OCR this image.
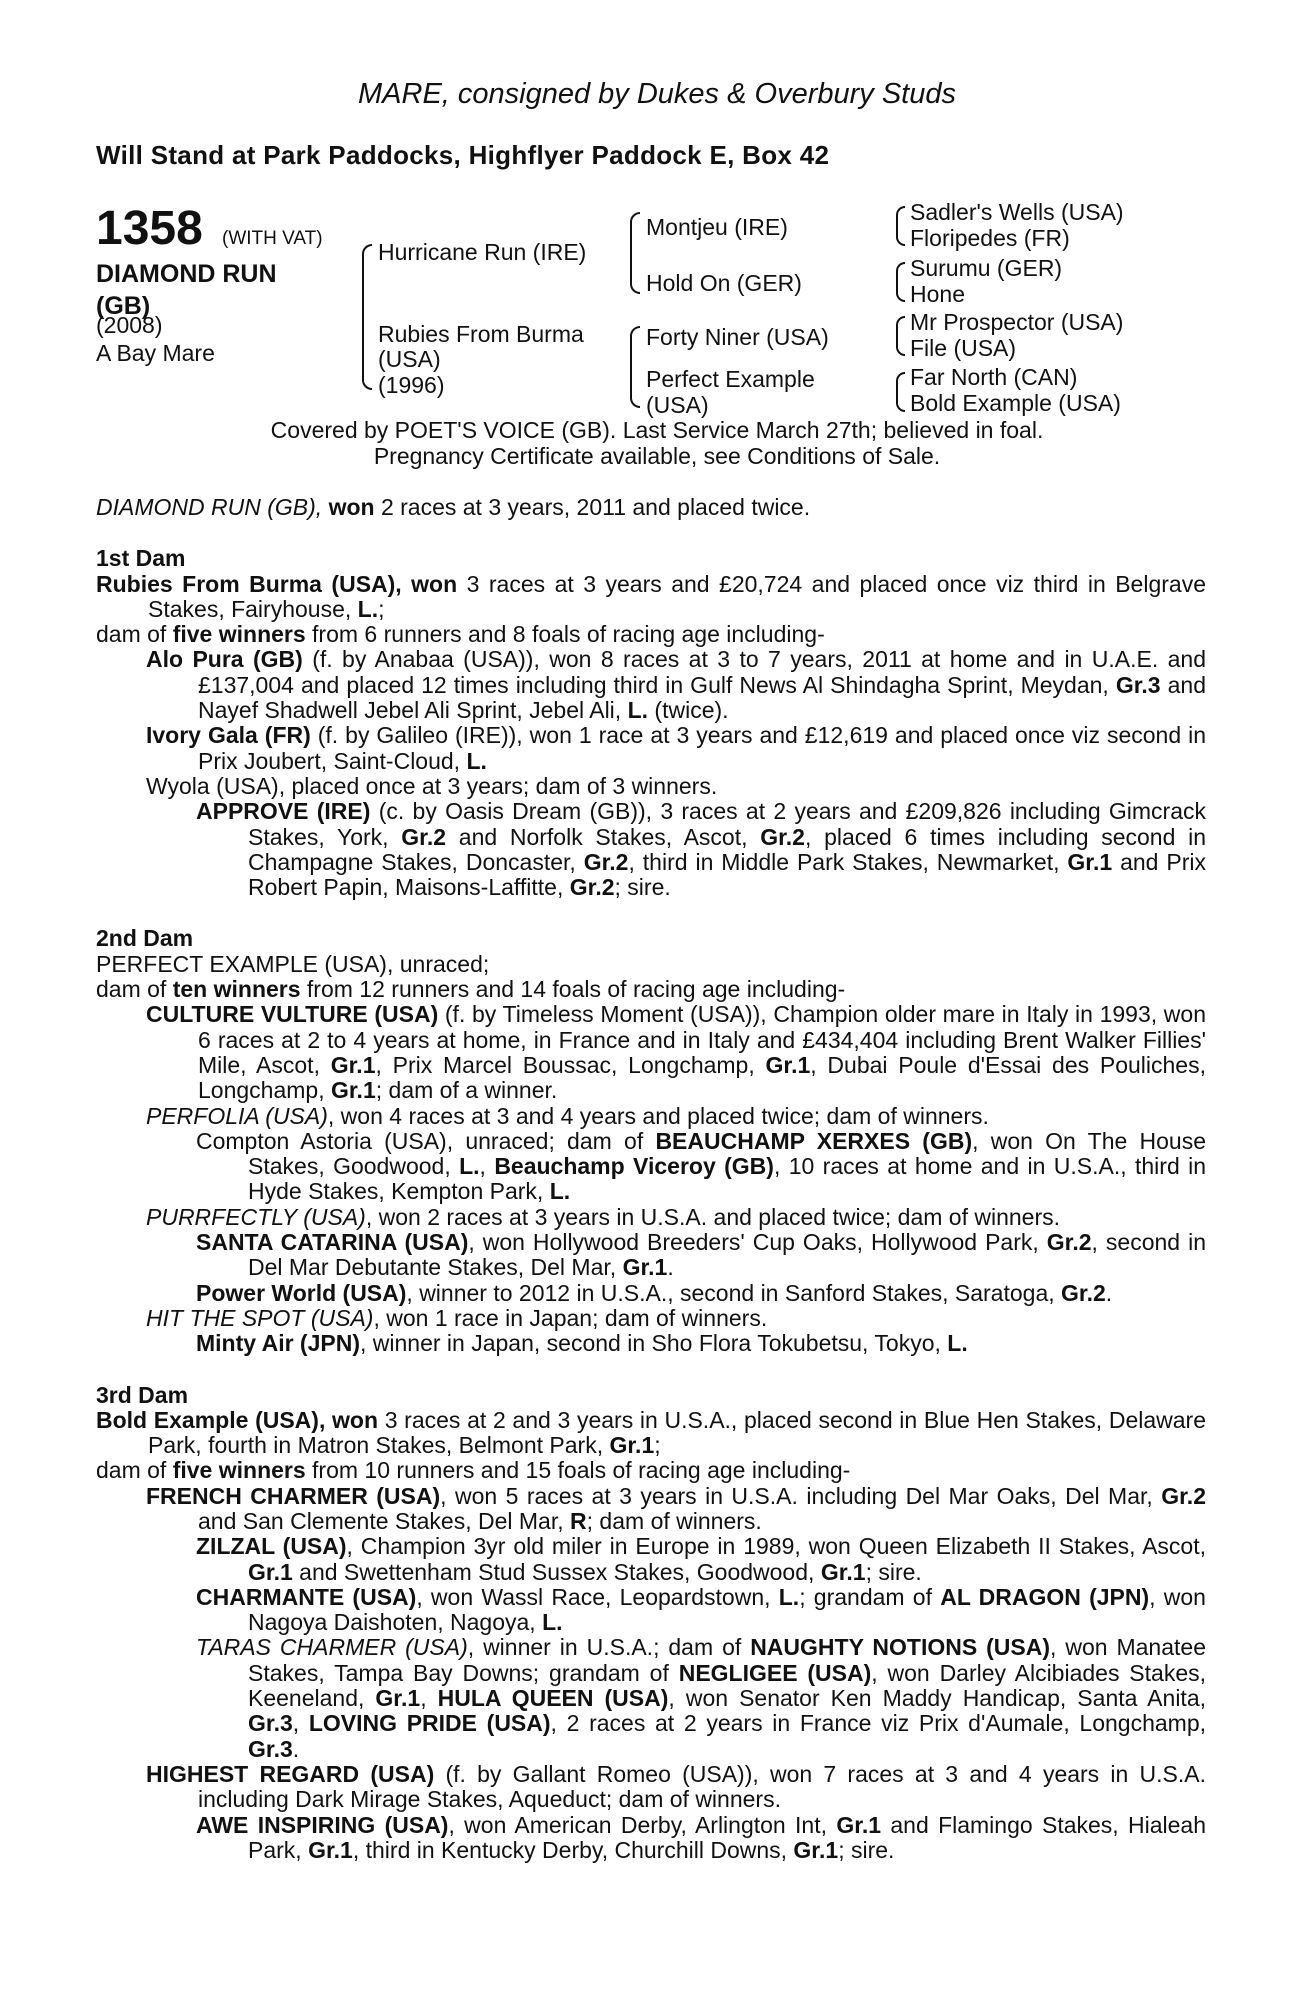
MARE, consigned by Dukes & Overbury Studs
Will Stand at Park Paddocks, Highflyer Paddock E, Box 42
1358 (WITH VAT)
DIAMOND RUN
(GB)
(2008)
A Bay Mare
Hurricane Run (IRE)
Rubies From Burma
(USA)
(1996)
Montjeu (IRE)
Hold On (GER)
Forty Niner (USA)
Perfect Example
(USA)
Sadler's Wells (USA)
Floripedes (FR)
Surumu (GER)
Hone
Mr Prospector (USA)
File (USA)
Far North (CAN)
Bold Example (USA)
Covered by POET'S VOICE (GB). Last Service March 27th; believed in foal.
Pregnancy Certificate available, see Conditions of Sale.

DIAMOND RUN (GB), won 2 races at 3 years, 2011 and placed twice.

1st Dam

Rubies From Burma (USA), won 3 races at 3 years and £20,724 and placed once viz third in Belgrave Stakes, Fairyhouse, L.;

dam of five winners from 6 runners and 8 foals of racing age including-

Alo Pura (GB) (f. by Anabaa (USA)), won 8 races at 3 to 7 years, 2011 at home and in U.A.E. and £137,004 and placed 12 times including third in Gulf News Al Shindagha Sprint, Meydan, Gr.3 and Nayef Shadwell Jebel Ali Sprint, Jebel Ali, L. (twice).

Ivory Gala (FR) (f. by Galileo (IRE)), won 1 race at 3 years and £12,619 and placed once viz second in Prix Joubert, Saint-Cloud, L.

Wyola (USA), placed once at 3 years; dam of 3 winners.

APPROVE (IRE) (c. by Oasis Dream (GB)), 3 races at 2 years and £209,826 including Gimcrack Stakes, York, Gr.2 and Norfolk Stakes, Ascot, Gr.2, placed 6 times including second in Champagne Stakes, Doncaster, Gr.2, third in Middle Park Stakes, Newmarket, Gr.1 and Prix Robert Papin, Maisons-Laffitte, Gr.2; sire.

2nd Dam

PERFECT EXAMPLE (USA), unraced;

dam of ten winners from 12 runners and 14 foals of racing age including-

CULTURE VULTURE (USA) (f. by Timeless Moment (USA)), Champion older mare in Italy in 1993, won 6 races at 2 to 4 years at home, in France and in Italy and £434,404 including Brent Walker Fillies' Mile, Ascot, Gr.1, Prix Marcel Boussac, Longchamp, Gr.1, Dubai Poule d'Essai des Pouliches, Longchamp, Gr.1; dam of a winner.

PERFOLIA (USA), won 4 races at 3 and 4 years and placed twice; dam of winners.

Compton Astoria (USA), unraced; dam of BEAUCHAMP XERXES (GB), won On The House Stakes, Goodwood, L., Beauchamp Viceroy (GB), 10 races at home and in U.S.A., third in Hyde Stakes, Kempton Park, L.

PURRFECTLY (USA), won 2 races at 3 years in U.S.A. and placed twice; dam of winners.

SANTA CATARINA (USA), won Hollywood Breeders' Cup Oaks, Hollywood Park, Gr.2, second in Del Mar Debutante Stakes, Del Mar, Gr.1.

Power World (USA), winner to 2012 in U.S.A., second in Sanford Stakes, Saratoga, Gr.2.

HIT THE SPOT (USA), won 1 race in Japan; dam of winners.

Minty Air (JPN), winner in Japan, second in Sho Flora Tokubetsu, Tokyo, L.

3rd Dam

Bold Example (USA), won 3 races at 2 and 3 years in U.S.A., placed second in Blue Hen Stakes, Delaware Park, fourth in Matron Stakes, Belmont Park, Gr.1;

dam of five winners from 10 runners and 15 foals of racing age including-

FRENCH CHARMER (USA), won 5 races at 3 years in U.S.A. including Del Mar Oaks, Del Mar, Gr.2 and San Clemente Stakes, Del Mar, R; dam of winners.

ZILZAL (USA), Champion 3yr old miler in Europe in 1989, won Queen Elizabeth II Stakes, Ascot, Gr.1 and Swettenham Stud Sussex Stakes, Goodwood, Gr.1; sire.

CHARMANTE (USA), won Wassl Race, Leopardstown, L.; grandam of AL DRAGON (JPN), won Nagoya Daishoten, Nagoya, L.

TARAS CHARMER (USA), winner in U.S.A.; dam of NAUGHTY NOTIONS (USA), won Manatee Stakes, Tampa Bay Downs; grandam of NEGLIGEE (USA), won Darley Alcibiades Stakes, Keeneland, Gr.1, HULA QUEEN (USA), won Senator Ken Maddy Handicap, Santa Anita, Gr.3, LOVING PRIDE (USA), 2 races at 2 years in France viz Prix d'Aumale, Longchamp, Gr.3.

HIGHEST REGARD (USA) (f. by Gallant Romeo (USA)), won 7 races at 3 and 4 years in U.S.A. including Dark Mirage Stakes, Aqueduct; dam of winners.

AWE INSPIRING (USA), won American Derby, Arlington Int, Gr.1 and Flamingo Stakes, Hialeah Park, Gr.1, third in Kentucky Derby, Churchill Downs, Gr.1; sire.
